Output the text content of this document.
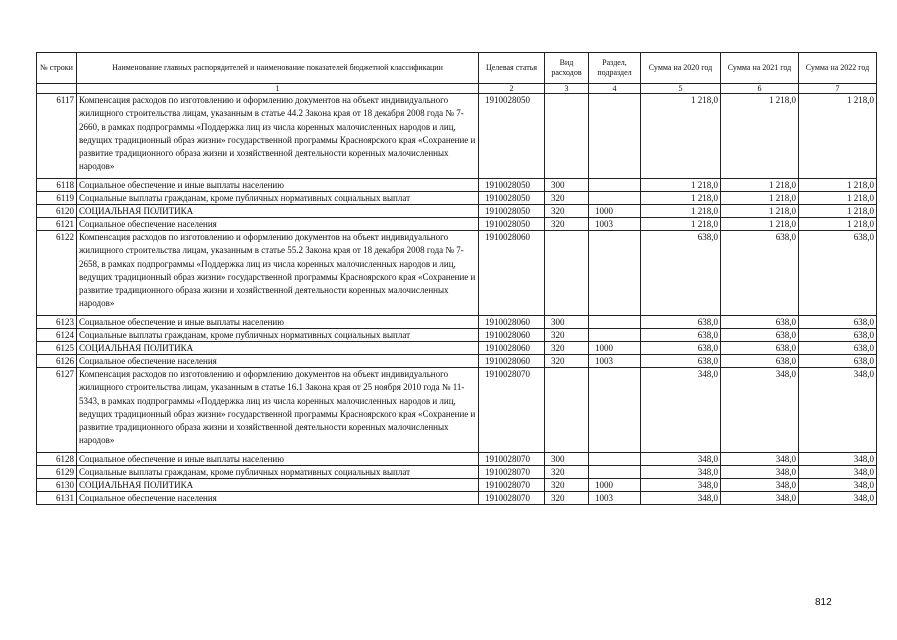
№ строки	Наименование главных распорядителей и наименование показателей бюджетной классификации	Целевая статья	Вид расходов	Раздел, подраздел	Сумма на 2020 год	Сумма на 2021 год	Сумма на 2022 год
	1	2	3	4	5	6	7
6117	Компенсация расходов по изготовлению и оформлению документов на объект индивидуального жилищного строительства лицам, указанным в статье 44.2 Закона края от 18 декабря 2008 года № 7-2660, в рамках подпрограммы «Поддержка лиц из числа коренных малочисленных народов и лиц, ведущих традиционный образ жизни» государственной программы Красноярского края «Сохранение и развитие традиционного образа жизни и хозяйственной деятельности коренных малочисленных народов»	1910028050			1 218,0	1 218,0	1 218,0
6118	Социальное обеспечение и иные выплаты населению	1910028050	300		1 218,0	1 218,0	1 218,0
6119	Социальные выплаты гражданам, кроме публичных нормативных социальных выплат	1910028050	320		1 218,0	1 218,0	1 218,0
6120	СОЦИАЛЬНАЯ ПОЛИТИКА	1910028050	320	1000	1 218,0	1 218,0	1 218,0
6121	Социальное обеспечение населения	1910028050	320	1003	1 218,0	1 218,0	1 218,0
6122	Компенсация расходов по изготовлению и оформлению документов на объект индивидуального жилищного строительства лицам, указанным в статье 55.2 Закона края от 18 декабря 2008 года № 7-2658, в рамках подпрограммы «Поддержка лиц из числа коренных малочисленных народов и лиц, ведущих традиционный образ жизни» государственной программы Красноярского края «Сохранение и развитие традиционного образа жизни и хозяйственной деятельности коренных малочисленных народов»	1910028060			638,0	638,0	638,0
6123	Социальное обеспечение и иные выплаты населению	1910028060	300		638,0	638,0	638,0
6124	Социальные выплаты гражданам, кроме публичных нормативных социальных выплат	1910028060	320		638,0	638,0	638,0
6125	СОЦИАЛЬНАЯ ПОЛИТИКА	1910028060	320	1000	638,0	638,0	638,0
6126	Социальное обеспечение населения	1910028060	320	1003	638,0	638,0	638,0
6127	Компенсация расходов по изготовлению и оформлению документов на объект индивидуального жилищного строительства лицам, указанным в статье 16.1 Закона края от 25 ноября 2010 года № 11-5343, в рамках подпрограммы «Поддержка лиц из числа коренных малочисленных народов и лиц, ведущих традиционный образ жизни» государственной программы Красноярского края «Сохранение и развитие традиционного образа жизни и хозяйственной деятельности коренных малочисленных народов»	1910028070			348,0	348,0	348,0
6128	Социальное обеспечение и иные выплаты населению	1910028070	300		348,0	348,0	348,0
6129	Социальные выплаты гражданам, кроме публичных нормативных социальных выплат	1910028070	320		348,0	348,0	348,0
6130	СОЦИАЛЬНАЯ ПОЛИТИКА	1910028070	320	1000	348,0	348,0	348,0
6131	Социальное обеспечение населения	1910028070	320	1003	348,0	348,0	348,0
812
